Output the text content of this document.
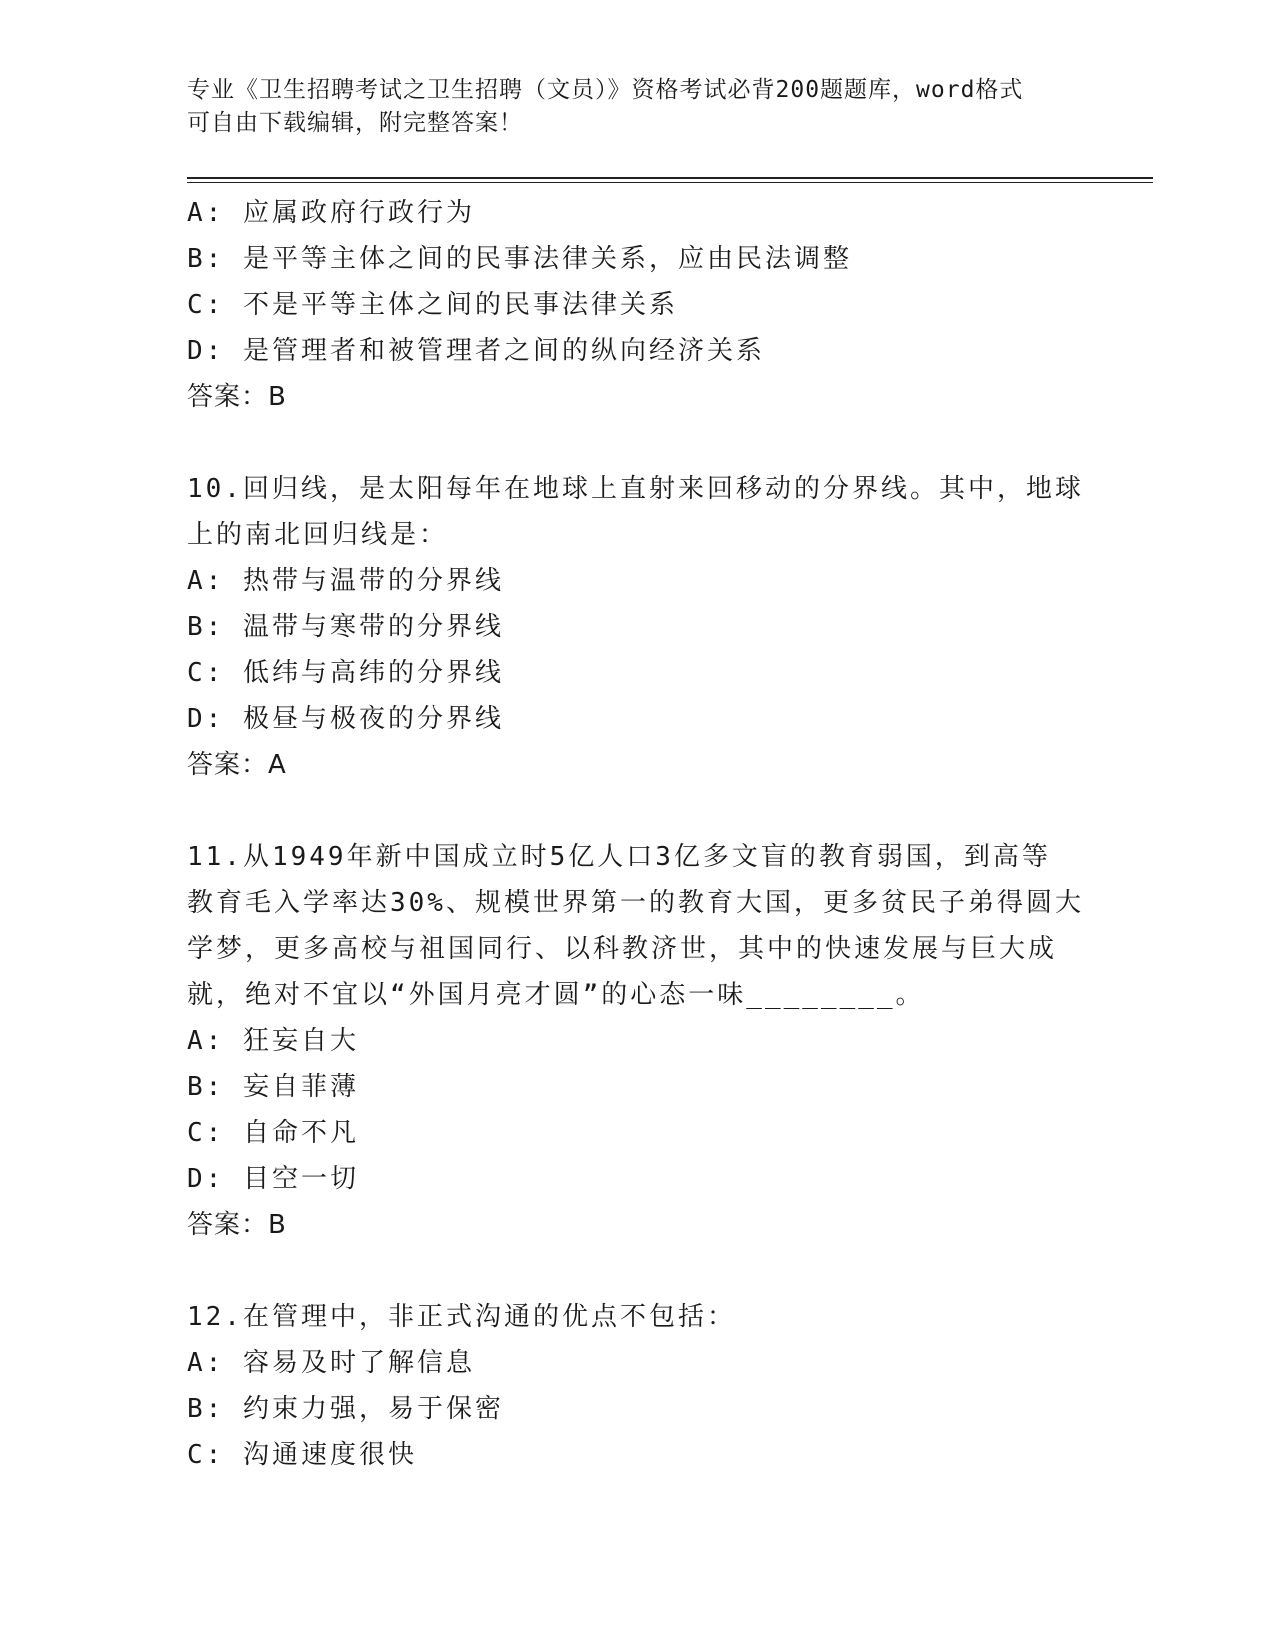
专业《卫生招聘考试之卫生招聘（文员）》资格考试必背200题题库，word格式
可自由下载编辑，附完整答案！
A: 应属政府行政行为
B: 是平等主体之间的民事法律关系，应由民法调整
C: 不是平等主体之间的民事法律关系
D: 是管理者和被管理者之间的纵向经济关系
答案：B
10.回归线，是太阳每年在地球上直射来回移动的分界线。其中，地球
上的南北回归线是：
A: 热带与温带的分界线
B: 温带与寒带的分界线
C: 低纬与高纬的分界线
D: 极昼与极夜的分界线
答案：A
11.从1949年新中国成立时5亿人口3亿多文盲的教育弱国，到高等
教育毛入学率达30%、规模世界第一的教育大国，更多贫民子弟得圆大
学梦，更多高校与祖国同行、以科教济世，其中的快速发展与巨大成
就，绝对不宜以“外国月亮才圆”的心态一味________。
A: 狂妄自大
B: 妄自菲薄
C: 自命不凡
D: 目空一切
答案：B
12.在管理中，非正式沟通的优点不包括：
A: 容易及时了解信息
B: 约束力强，易于保密
C: 沟通速度很快
